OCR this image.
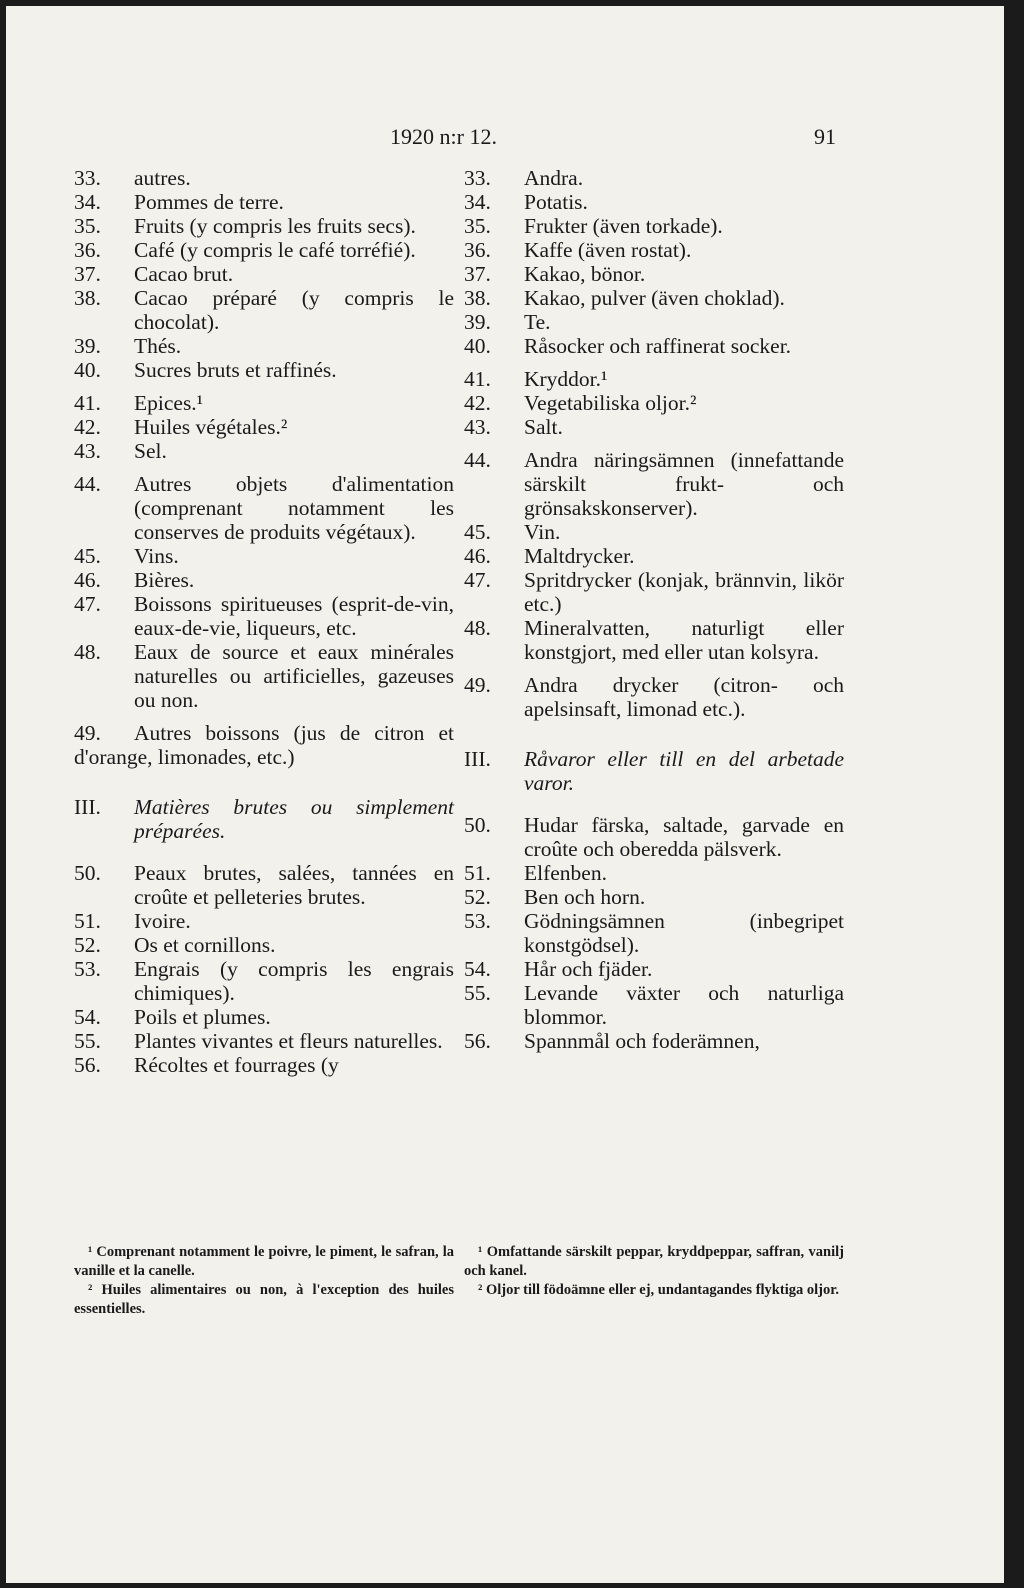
1920 n:r 12.	91
33.	autres.
34.	Pommes de terre.
35.	Fruits (y compris les fruits secs).
36.	Café (y compris le café torréfié).
37.	Cacao brut.
38.	Cacao préparé (y compris le chocolat).
39.	Thés.
40.	Sucres bruts et raffinés.
41.	Epices.¹
42.	Huiles végétales.²
43.	Sel.
44.	Autres objets d'alimentation (comprenant notamment les conserves de produits végétaux).
45.	Vins.
46.	Bières.
47.	Boissons spiritueuses (esprit-de-vin, eaux-de-vie, liqueurs, etc.
48.	Eaux de source et eaux minérales naturelles ou artificielles, gazeuses ou non.
49.	Autres boissons (jus de citron et d'orange, limonades, etc.)
III.	Matières brutes ou simplement préparées.
50.	Peaux brutes, salées, tannées en croûte et pelleteries brutes.
51.	Ivoire.
52.	Os et cornillons.
53.	Engrais (y compris les engrais chimiques).
54.	Poils et plumes.
55.	Plantes vivantes et fleurs naturelles.
56.	Récoltes et fourrages (y
33.	Andra.
34.	Potatis.
35.	Frukter (även torkade).
36.	Kaffe (även rostat).
37.	Kakao, bönor.
38.	Kakao, pulver (även choklad).
39.	Te.
40.	Råsocker och raffinerat socker.
41.	Kryddor.¹
42.	Vegetabiliska oljor.²
43.	Salt.
44.	Andra näringsämnen (innefattande särskilt frukt- och grönsakskonserver).
45.	Vin.
46.	Maltdrycker.
47.	Spritdrycker (konjak, brännvin, likör etc.)
48.	Mineralvatten, naturligt eller konstgjort, med eller utan kolsyra.
49.	Andra drycker (citron- och apelsinsaft, limonad etc.).
III.	Råvaror eller till en del arbetade varor.
50.	Hudar färska, saltade, garvade en croûte och oberedda pälsverk.
51.	Elfenben.
52.	Ben och horn.
53.	Gödningsämnen (inbegripet konstgödsel).
54.	Hår och fjäder.
55.	Levande växter och naturliga blommor.
56.	Spannmål och foderämnen,

¹ Comprenant notamment le poivre, le piment, le safran, la vanille et la canelle.

² Huiles alimentaires ou non, à l'exception des huiles essentielles.

¹ Omfattande särskilt peppar, kryddpeppar, saffran, vanilj och kanel.

² Oljor till födoämne eller ej, undantagandes flyktiga oljor.
